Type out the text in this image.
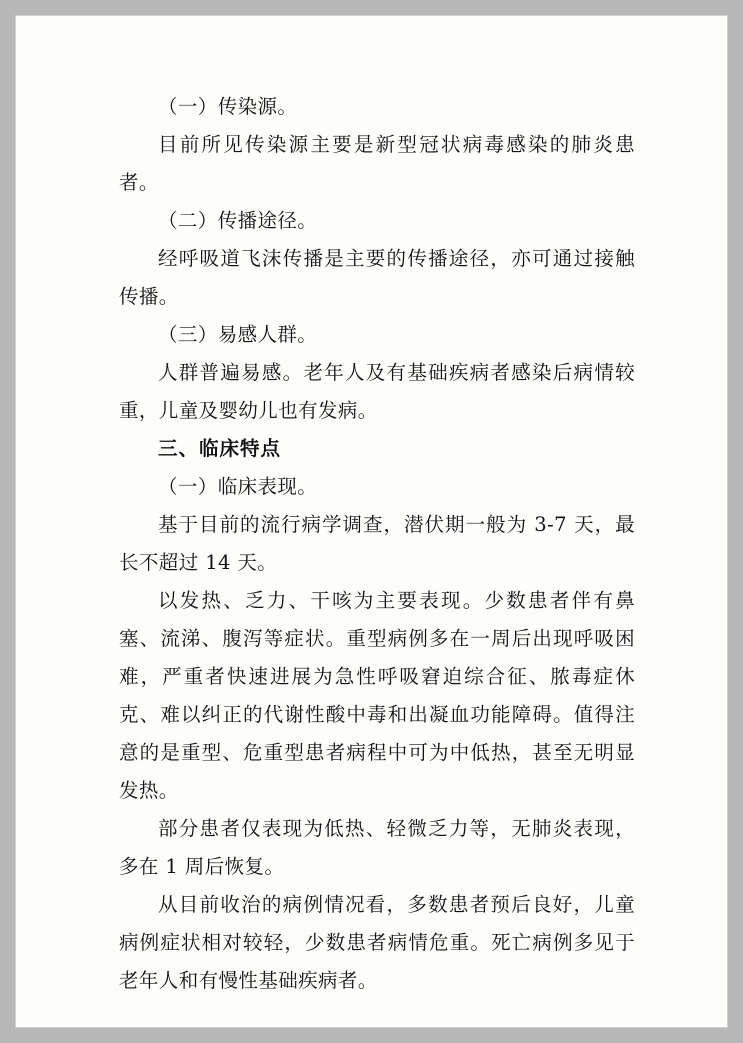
（一）传染源。

目前所见传染源主要是新型冠状病毒感染的肺炎患者。

（二）传播途径。

经呼吸道飞沫传播是主要的传播途径，亦可通过接触传播。

（三）易感人群。

人群普遍易感。老年人及有基础疾病者感染后病情较重，儿童及婴幼儿也有发病。

三、临床特点

（一）临床表现。

基于目前的流行病学调查，潜伏期一般为 3-7 天，最长不超过 14 天。

以发热、乏力、干咳为主要表现。少数患者伴有鼻塞、流涕、腹泻等症状。重型病例多在一周后出现呼吸困难，严重者快速进展为急性呼吸窘迫综合征、脓毒症休克、难以纠正的代谢性酸中毒和出凝血功能障碍。值得注意的是重型、危重型患者病程中可为中低热，甚至无明显发热。

部分患者仅表现为低热、轻微乏力等，无肺炎表现，多在 1 周后恢复。

从目前收治的病例情况看，多数患者预后良好，儿童病例症状相对较轻，少数患者病情危重。死亡病例多见于老年人和有慢性基础疾病者。
